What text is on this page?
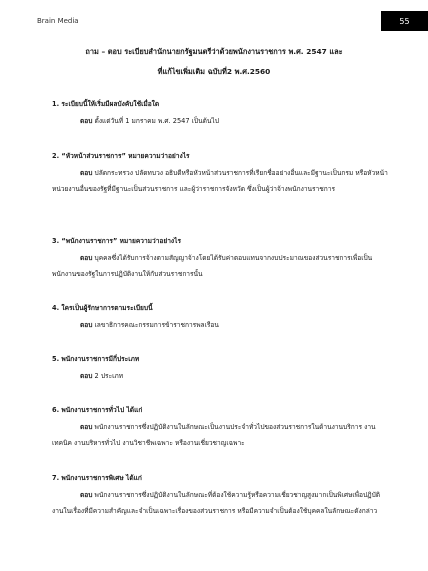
Brain Media	55
ถาม – ตอบ ระเบียบสำนักนายกรัฐมนตรีว่าด้วยพนักงานราชการ พ.ศ. 2547 และ
ที่แก้ไขเพิ่มเติม ฉบับที่2 พ.ศ.2560
1. ระเบียบนี้ให้เริ่มมีผลบังคับใช้เมื่อใด
ตอบ ตั้งแต่วันที่ 1 มกราคม พ.ศ. 2547 เป็นต้นไป
2. “หัวหน้าส่วนราชการ” หมายความว่าอย่างไร
ตอบ ปลัดกระทรวง ปลัดทบวง อธิบดีหรือหัวหน้าส่วนราชการที่เรียกชื่ออย่างอื่นและมีฐานะเป็นกรม หรือหัวหน้าหน่วยงานอื่นของรัฐที่มีฐานะเป็นส่วนราชการ และผู้ว่าราชการจังหวัด ซึ่งเป็นผู้ว่าจ้างพนักงานราชการ
3. “พนักงานราชการ” หมายความว่าอย่างไร
ตอบ บุคคลซึ่งได้รับการจ้างตามสัญญาจ้างโดยได้รับค่าตอบแทนจากงบประมาณของส่วนราชการเพื่อเป็นพนักงานของรัฐในการปฏิบัติงานให้กับส่วนราชการนั้น
4. ใครเป็นผู้รักษาการตามระเบียบนี้
ตอบ เลขาธิการคณะกรรมการข้าราชการพลเรือน
5. พนักงานราชการมีกี่ประเภท
ตอบ 2 ประเภท
6. พนักงานราชการทั่วไป ได้แก่
ตอบ พนักงานราชการซึ่งปฏิบัติงานในลักษณะเป็นงานประจำทั่วไปของส่วนราชการในด้านงานบริการ งานเทคนิค งานบริหารทั่วไป งานวิชาชีพเฉพาะ หรืองานเชี่ยวชาญเฉพาะ
7. พนักงานราชการพิเศษ ได้แก่
ตอบ พนักงานราชการซึ่งปฏิบัติงานในลักษณะที่ต้องใช้ความรู้หรือความเชี่ยวชาญสูงมากเป็นพิเศษเพื่อปฏิบัติงานในเรื่องที่มีความสำคัญและจำเป็นเฉพาะเรื่องของส่วนราชการ หรือมีความจำเป็นต้องใช้บุคคลในลักษณะดังกล่าว
